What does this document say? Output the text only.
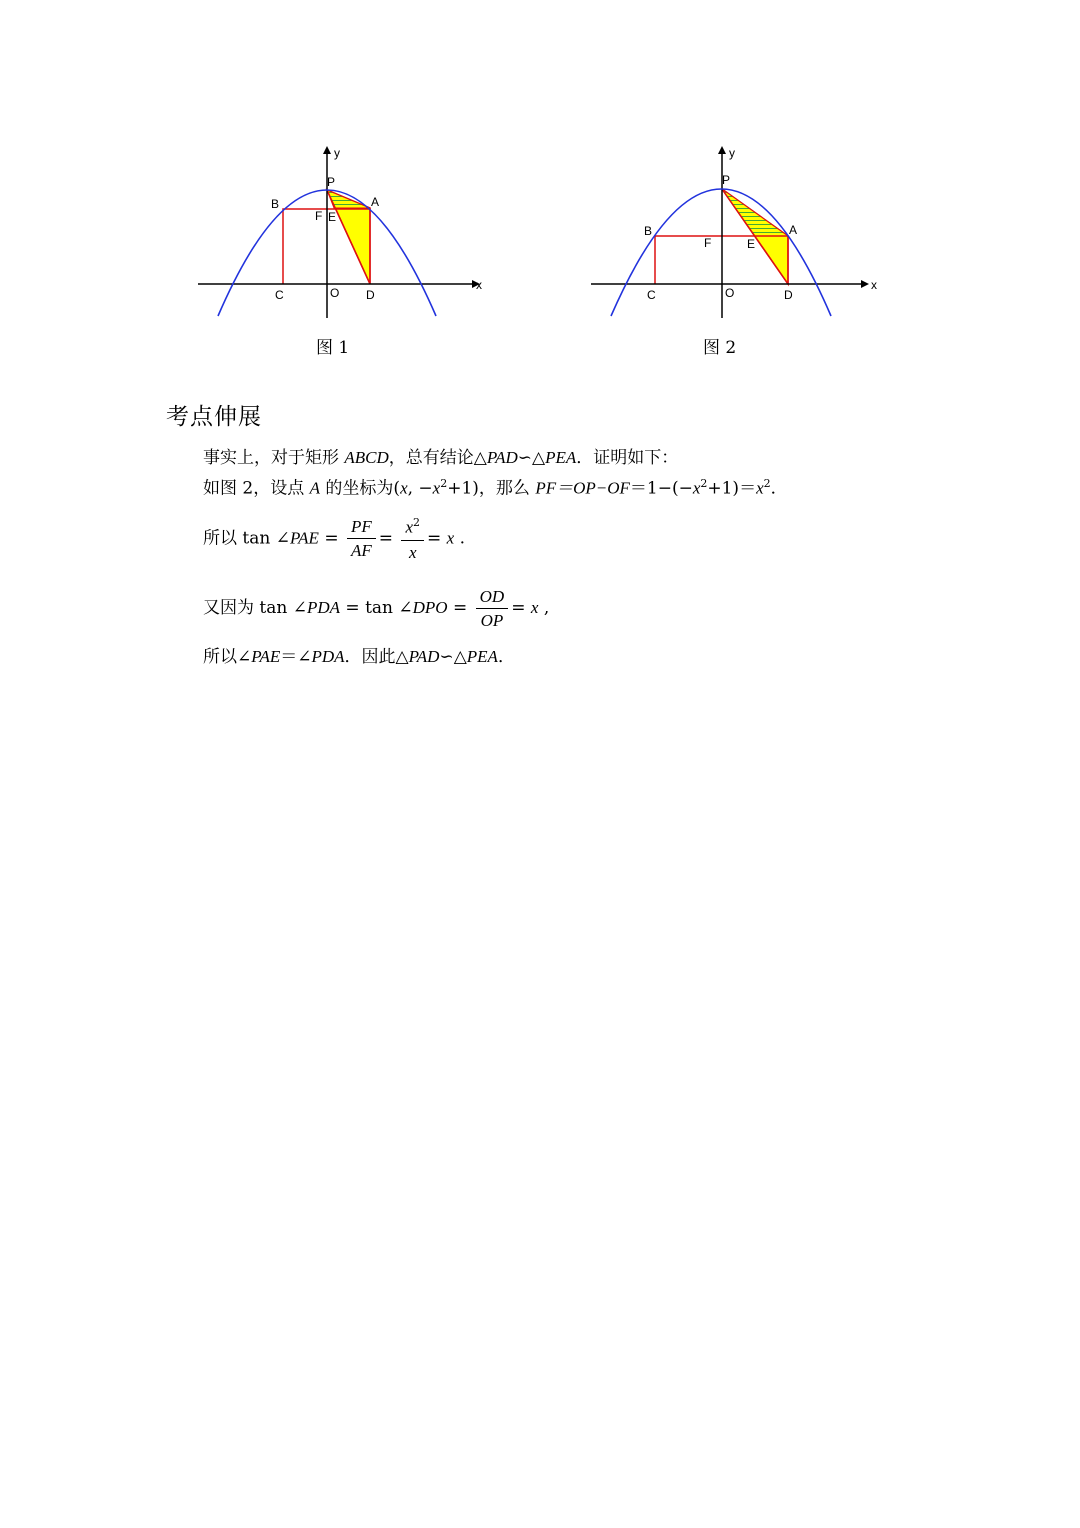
y
P
B	A
F E
C	O D
x
图 1
y
P
B	A
F	E
C	O	D
x
图 2
考点伸展
事实上，对于矩形 ABCD，总有结论△PAD∽△PEA．证明如下：
如图 2，设点 A 的坐标为(x, $-x^2+1$)，那么 $PF=OP-OF=1-(-x^2+1)=x^2$．
所以 tan ∠PAE = $\frac{PF}{AF} = \frac{x^2}{x} = x$ .
又因为 tan ∠PDA = tan ∠DPO = $\frac{OD}{OP} = x$ ,
所以∠PAE＝∠PDA．因此△PAD∽△PEA．
